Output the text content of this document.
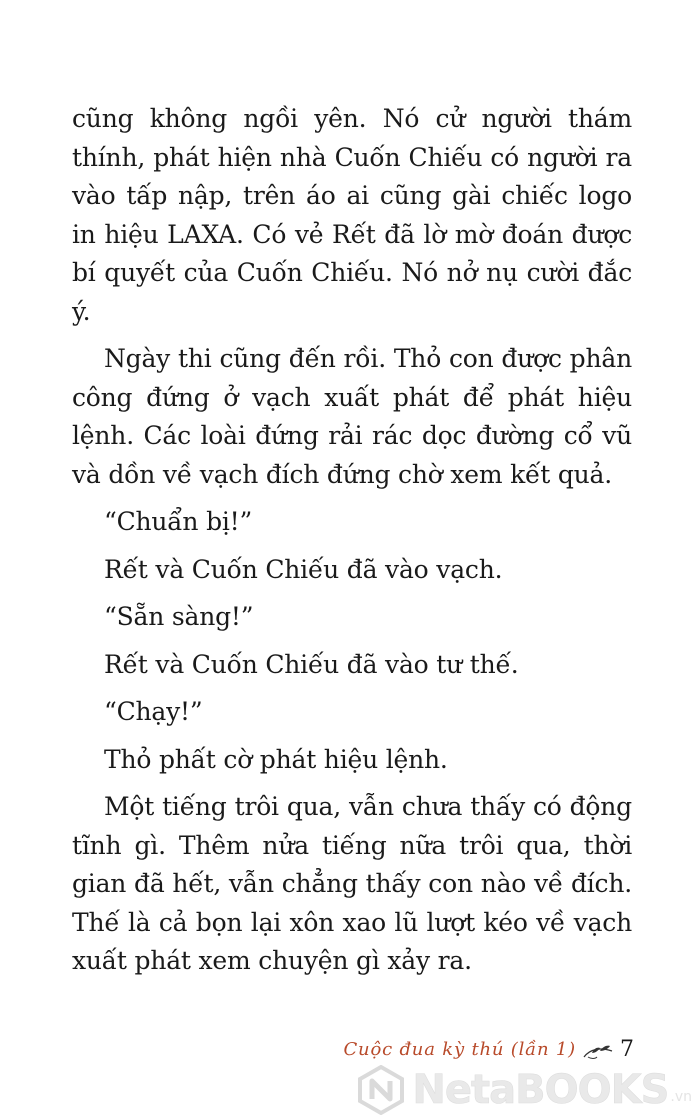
cũng không ngồi yên. Nó cử người thám thính, phát hiện nhà Cuốn Chiếu có người ra vào tấp nập, trên áo ai cũng gài chiếc logo in hiệu LAXA. Có vẻ Rết đã lờ mờ đoán được bí quyết của Cuốn Chiếu. Nó nở nụ cười đắc ý.

Ngày thi cũng đến rồi. Thỏ con được phân công đứng ở vạch xuất phát để phát hiệu lệnh. Các loài đứng rải rác dọc đường cổ vũ và dồn về vạch đích đứng chờ xem kết quả.

“Chuẩn bị!”

Rết và Cuốn Chiếu đã vào vạch.

“Sẵn sàng!”

Rết và Cuốn Chiếu đã vào tư thế.

“Chạy!”

Thỏ phất cờ phát hiệu lệnh.

Một tiếng trôi qua, vẫn chưa thấy có động tĩnh gì. Thêm nửa tiếng nữa trôi qua, thời gian đã hết, vẫn chẳng thấy con nào về đích. Thế là cả bọn lại xôn xao lũ lượt kéo về vạch xuất phát xem chuyện gì xảy ra.

Cuộc đua kỳ thú (lần 1) 7
NetaBOOKS .vn
